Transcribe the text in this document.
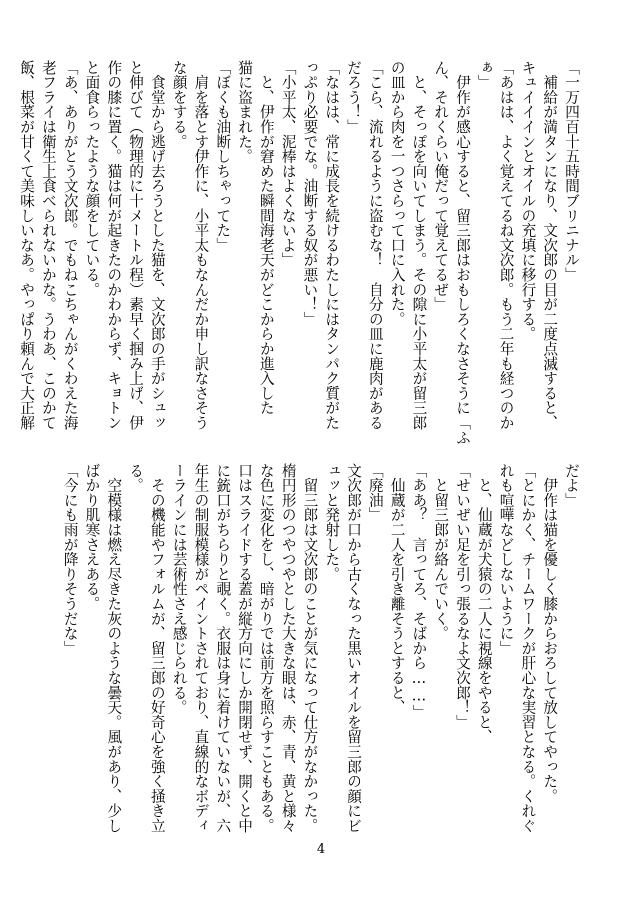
「一万四百十五時間ブリニナル」
　補給が満タンになり、文次郎の目が二度点滅すると、
キュイイインとオイルの充填に移行する。
「あはは、よく覚えてるね文次郎。もう二年も経つのか
ぁ」
　伊作が感心すると、留三郎はおもしろくなさそうに「ふ
ん、それくらい俺だって覚えてるぜ」
　と、そっぽを向いてしまう。その隙に小平太が留三郎
の皿から肉を一つさらって口に入れた。
「こら、流れるように盗むな！　自分の皿に鹿肉がある
だろう！」
「なはは、常に成長を続けるわたしにはタンパク質がた
っぷり必要でな。油断する奴が悪い！」
「小平太、泥棒はよくないよ」
　と、伊作が窘めた瞬間海老天がどこからか進入した
猫に盗まれた。
「ぼくも油断しちゃってた」
　肩を落とす伊作に、小平太もなんだか申し訳なさそう
な顔をする。
　食堂から逃げ去ろうとした猫を、文次郎の手がシュッ
と伸びて（物理的に十メートル程）素早く掴み上げ、伊
作の膝に置く。猫は何が起きたのかわからず、キョトン
と面食らったような顔をしている。
「あ、ありがとう文次郎。でもねこちゃんがくわえた海
老フライは衛生上食べられないかな。うわあ、このかて
飯、根菜が甘くて美味しいなあ。やっぱり頼んで大正解
だよ」
　伊作は猫を優しく膝からおろして放してやった。
「とにかく、チームワークが肝心な実習となる。くれぐ
れも喧嘩などしないように」
　と、仙蔵が犬猿の二人に視線をやると、
「せいぜい足を引っ張るなよ文次郎！」
　と留三郎が絡んでいく。
「ああ？　言ってろ、そばから……」
　仙蔵が二人を引き離そうとすると、
「廃油」
文次郎が口から古くなった黒いオイルを留三郎の顔にビ
ュッと発射した。
　留三郎は文次郎のことが気になって仕方がなかった。
楕円形のつやつやとした大きな眼は、赤、青、黄と様々
な色に変化をし、暗がりでは前方を照らすこともある。
口はスライドする蓋が縦方向にしか開閉せず、開くと中
に銃口がちらりと覗く。衣服は身に着けていないが、六
年生の制服模様がペイントされており、直線的なボディ
ーラインには芸術性さえ感じられる。
　その機能やフォルムが、留三郎の好奇心を強く掻き立
る。
　空模様は燃え尽きた灰のような曇天。風があり、少し
ばかり肌寒さえある。
「今にも雨が降りそうだな」
4
